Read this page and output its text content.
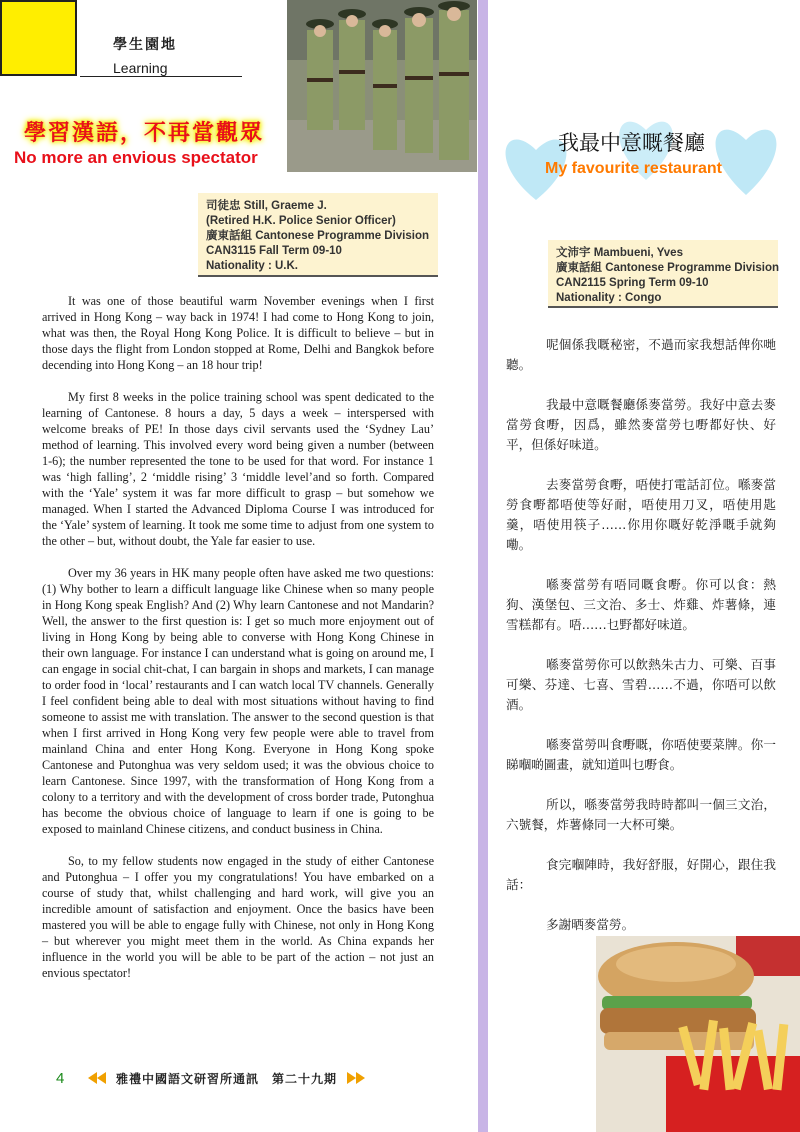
學生園地
Learning
學習漢語，不再當觀眾
No more an envious spectator
司徒忠 Still, Graeme J.
(Retired H.K. Police Senior Officer)
廣東話組 Cantonese Programme Division
CAN3115 Fall Term 09-10
Nationality : U.K.

It was one of those beautiful warm November evenings when I first arrived in Hong Kong – way back in 1974! I had come to Hong Kong to join, what was then, the Royal Hong Kong Police. It is difficult to believe – but in those days the flight from London stopped at Rome, Delhi and Bangkok before decending into Hong Kong – an 18 hour trip!

My first 8 weeks in the police training school was spent dedicated to the learning of Cantonese. 8 hours a day, 5 days a week – interspersed with welcome breaks of PE! In those days civil servants used the ‘Sydney Lau’ method of learning. This involved every word being given a number (between 1-6); the number represented the tone to be used for that word. For instance 1 was ‘high falling’, 2 ‘middle rising’ 3 ‘middle level’and so forth. Compared with the ‘Yale’ system it was far more difficult to grasp – but somehow we managed. When I started the Advanced Diploma Course I was introduced for the ‘Yale’ system of learning. It took me some time to adjust from one system to the other – but, without doubt, the Yale far easier to use.

Over my 36 years in HK many people often have asked me two questions: (1) Why bother to learn a difficult language like Chinese when so many people in Hong Kong speak English? And (2) Why learn Cantonese and not Mandarin? Well, the answer to the first question is: I get so much more enjoyment out of living in Hong Kong by being able to converse with Hong Kong Chinese in their own language. For instance I can understand what is going on around me, I can engage in social chit-chat, I can bargain in shops and markets, I can manage to order food in ‘local’ restaurants and I can watch local TV channels. Generally I feel confident being able to deal with most situations without having to find someone to assist me with translation. The answer to the second question is that when I first arrived in Hong Kong very few people were able to travel from mainland China and enter Hong Kong. Everyone in Hong Kong spoke Cantonese and Putonghua was very seldom used; it was the obvious choice to learn Cantonese. Since 1997, with the transformation of Hong Kong from a colony to a territory and with the development of cross border trade, Putonghua has become the obvious choice of language to learn if one is going to be exposed to mainland Chinese citizens, and conduct business in China.

So, to my fellow students now engaged in the study of either Cantonese and Putonghua – I offer you my congratulations! You have embarked on a course of study that, whilst challenging and hard work, will give you an incredible amount of satisfaction and enjoyment. Once the basics have been mastered you will be able to engage fully with Chinese, not only in Hong Kong – but wherever you might meet them in the world. As China expands her influence in the world you will be able to be part of the action – not just an envious spectator!

我最中意嘅餐廳
My favourite restaurant
文沛宇 Mambueni, Yves
廣東話組 Cantonese Programme Division
CAN2115 Spring Term 09-10
Nationality : Congo

呢個係我嘅秘密，不過而家我想話俾你哋聽。

我最中意嘅餐廳係麥當勞。我好中意去麥當勞食嘢，因爲，雖然麥當勞乜嘢都好快、好平，但係好味道。

去麥當勞食嘢，唔使打電話訂位。喺麥當勞食嘢都唔使等好耐，唔使用刀叉，唔使用匙羹，唔使用筷子……你用你嘅好乾淨嘅手就夠嘞。

喺麥當勞有唔同嘅食嘢。你可以食：熱狗、漢堡包、三文治、多士、炸雞、炸薯條，連雪糕都有。唔……乜野都好味道。

喺麥當勞你可以飲熱朱古力、可樂、百事可樂、芬達、七喜、雪碧……不過，你唔可以飲酒。

喺麥當勞叫食嘢嘅，你唔使要菜牌。你一睇嗰啲圖畫，就知道叫乜嘢食。

所以，喺麥當勞我時時都叫一個三文治，六號餐，炸薯條同一大杯可樂。

食完嗰陣時，我好舒服，好開心，跟住我話：

多謝晒麥當勞。

4	雅禮中國語文研習所通訊　第二十九期
